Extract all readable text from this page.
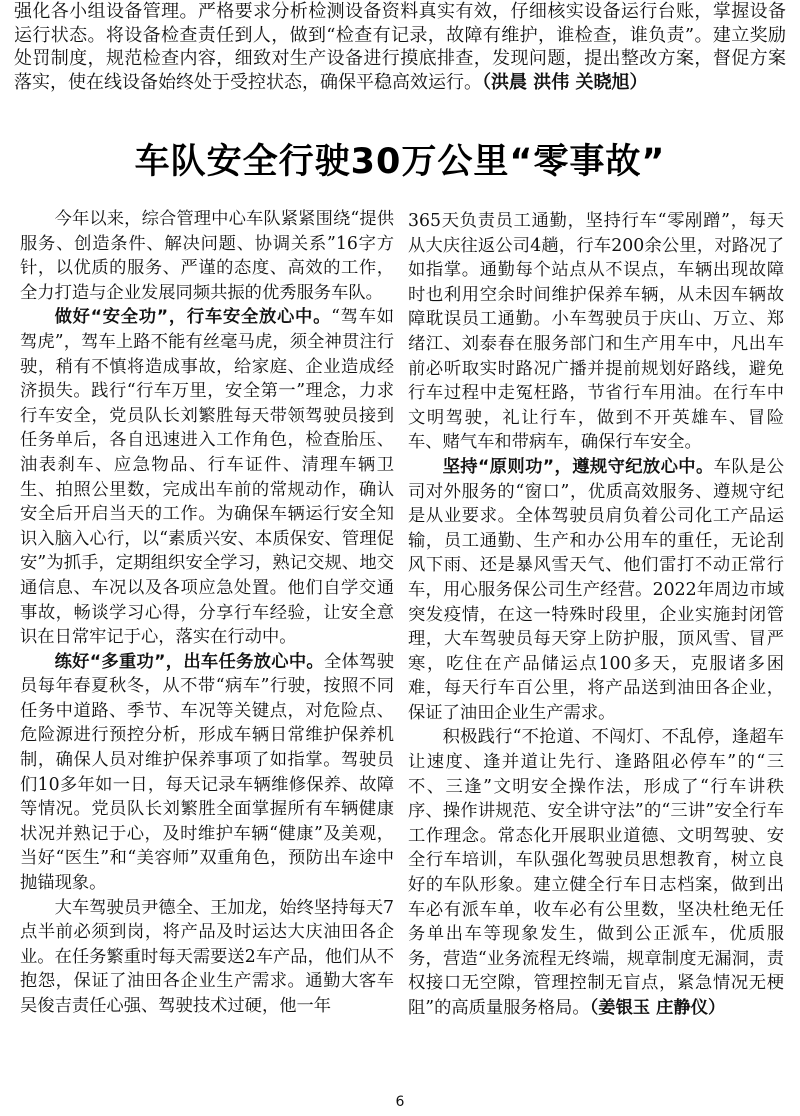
强化各小组设备管理。严格要求分析检测设备资料真实有效，仔细核实设备运行台账，掌握设备运行状态。将设备检查责任到人，做到“检查有记录，故障有维护，谁检查，谁负责”。建立奖励处罚制度，规范检查内容，细致对生产设备进行摸底排查，发现问题，提出整改方案，督促方案落实，使在线设备始终处于受控状态，确保平稳高效运行。（洪晨 洪伟 关晓旭）
车队安全行驶30万公里“零事故”

今年以来，综合管理中心车队紧紧围绕“提供服务、创造条件、解决问题、协调关系”16字方针，以优质的服务、严谨的态度、高效的工作，全力打造与企业发展同频共振的优秀服务车队。

做好“安全功”，行车安全放心中。“驾车如驾虎”，驾车上路不能有丝毫马虎，须全神贯注行驶，稍有不慎将造成事故，给家庭、企业造成经济损失。践行“行车万里，安全第一”理念，力求行车安全，党员队长刘繁胜每天带领驾驶员接到任务单后，各自迅速进入工作角色，检查胎压、油表刹车、应急物品、行车证件、清理车辆卫生、拍照公里数，完成出车前的常规动作，确认安全后开启当天的工作。为确保车辆运行安全知识入脑入心行，以“素质兴安、本质保安、管理促安”为抓手，定期组织安全学习，熟记交规、地交通信息、车况以及各项应急处置。他们自学交通事故，畅谈学习心得，分享行车经验，让安全意识在日常牢记于心，落实在行动中。

练好“多重功”，出车任务放心中。全体驾驶员每年春夏秋冬，从不带“病车”行驶，按照不同任务中道路、季节、车况等关键点，对危险点、危险源进行预控分析，形成车辆日常维护保养机制，确保人员对维护保养事项了如指掌。驾驶员们10多年如一日，每天记录车辆维修保养、故障等情况。党员队长刘繁胜全面掌握所有车辆健康状况并熟记于心，及时维护车辆“健康”及美观，当好“医生”和“美容师”双重角色，预防出车途中抛锚现象。

大车驾驶员尹德全、王加龙，始终坚持每天7点半前必须到岗，将产品及时运达大庆油田各企业。在任务繁重时每天需要送2车产品，他们从不抱怨，保证了油田各企业生产需求。通勤大客车吴俊吉责任心强、驾驶技术过硬，他一年

365天负责员工通勤，坚持行车“零剐蹭”，每天从大庆往返公司4趟，行车200余公里，对路况了如指掌。通勤每个站点从不误点，车辆出现故障时也利用空余时间维护保养车辆，从未因车辆故障耽误员工通勤。小车驾驶员于庆山、万立、郑绪江、刘泰春在服务部门和生产用车中，凡出车前必听取实时路况广播并提前规划好路线，避免行车过程中走冤枉路，节省行车用油。在行车中文明驾驶，礼让行车，做到不开英雄车、冒险车、赌气车和带病车，确保行车安全。

坚持“原则功”，遵规守纪放心中。车队是公司对外服务的“窗口”，优质高效服务、遵规守纪是从业要求。全体驾驶员肩负着公司化工产品运输，员工通勤、生产和办公用车的重任，无论刮风下雨、还是暴风雪天气、他们雷打不动正常行车，用心服务保公司生产经营。2022年周边市域突发疫情，在这一特殊时段里，企业实施封闭管理，大车驾驶员每天穿上防护服，顶风雪、冒严寒，吃住在产品储运点100多天，克服诸多困难，每天行车百公里，将产品送到油田各企业，保证了油田企业生产需求。

积极践行“不抢道、不闯灯、不乱停，逢超车让速度、逢并道让先行、逢路阻必停车”的“三不、三逢”文明安全操作法，形成了“行车讲秩序、操作讲规范、安全讲守法”的“三讲”安全行车工作理念。常态化开展职业道德、文明驾驶、安全行车培训，车队强化驾驶员思想教育，树立良好的车队形象。建立健全行车日志档案，做到出车必有派车单，收车必有公里数，坚决杜绝无任务单出车等现象发生，做到公正派车，优质服务，营造“业务流程无终端，规章制度无漏洞，责权接口无空隙，管理控制无盲点，紧急情况无梗阻”的高质量服务格局。（姜银玉 庄静仪）

6
